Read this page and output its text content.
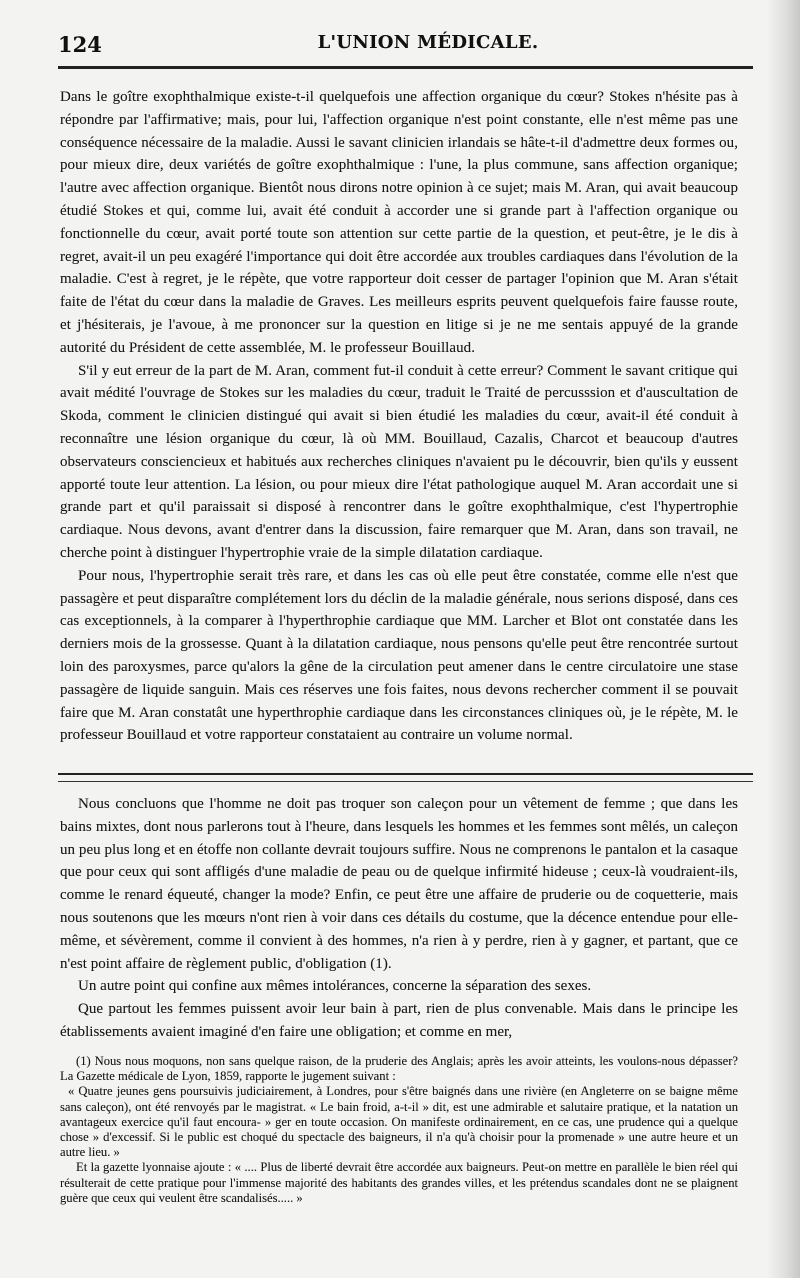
124	L'UNION MÉDICALE.

Dans le goître exophthalmique existe-t-il quelquefois une affection organique du cœur? Stokes n'hésite pas à répondre par l'affirmative; mais, pour lui, l'affection organique n'est point constante, elle n'est même pas une conséquence nécessaire de la maladie. Aussi le savant clinicien irlandais se hâte-t-il d'admettre deux formes ou, pour mieux dire, deux variétés de goître exophthalmique : l'une, la plus commune, sans affection organique; l'autre avec affection organique. Bientôt nous dirons notre opinion à ce sujet; mais M. Aran, qui avait beaucoup étudié Stokes et qui, comme lui, avait été conduit à accorder une si grande part à l'affection organique ou fonctionnelle du cœur, avait porté toute son attention sur cette partie de la question, et peut-être, je le dis à regret, avait-il un peu exagéré l'importance qui doit être accordée aux troubles cardiaques dans l'évolution de la maladie. C'est à regret, je le répète, que votre rapporteur doit cesser de partager l'opinion que M. Aran s'était faite de l'état du cœur dans la maladie de Graves. Les meilleurs esprits peuvent quelquefois faire fausse route, et j'hésiterais, je l'avoue, à me prononcer sur la question en litige si je ne me sentais appuyé de la grande autorité du Président de cette assemblée, M. le professeur Bouillaud.

S'il y eut erreur de la part de M. Aran, comment fut-il conduit à cette erreur? Comment le savant critique qui avait médité l'ouvrage de Stokes sur les maladies du cœur, traduit le Traité de percusssion et d'auscultation de Skoda, comment le clinicien distingué qui avait si bien étudié les maladies du cœur, avait-il été conduit à reconnaître une lésion organique du cœur, là où MM. Bouillaud, Cazalis, Charcot et beaucoup d'autres observateurs consciencieux et habitués aux recherches cliniques n'avaient pu le découvrir, bien qu'ils y eussent apporté toute leur attention. La lésion, ou pour mieux dire l'état pathologique auquel M. Aran accordait une si grande part et qu'il paraissait si disposé à rencontrer dans le goître exophthalmique, c'est l'hypertrophie cardiaque. Nous devons, avant d'entrer dans la discussion, faire remarquer que M. Aran, dans son travail, ne cherche point à distinguer l'hypertrophie vraie de la simple dilatation cardiaque.

Pour nous, l'hypertrophie serait très rare, et dans les cas où elle peut être constatée, comme elle n'est que passagère et peut disparaître complétement lors du déclin de la maladie générale, nous serions disposé, dans ces cas exceptionnels, à la comparer à l'hyperthrophie cardiaque que MM. Larcher et Blot ont constatée dans les derniers mois de la grossesse. Quant à la dilatation cardiaque, nous pensons qu'elle peut être rencontrée surtout loin des paroxysmes, parce qu'alors la gêne de la circulation peut amener dans le centre circulatoire une stase passagère de liquide sanguin. Mais ces réserves une fois faites, nous devons rechercher comment il se pouvait faire que M. Aran constatât une hyperthrophie cardiaque dans les circonstances cliniques où, je le répète, M. le professeur Bouillaud et votre rapporteur constataient au contraire un volume normal.

Nous concluons que l'homme ne doit pas troquer son caleçon pour un vêtement de femme ; que dans les bains mixtes, dont nous parlerons tout à l'heure, dans lesquels les hommes et les femmes sont mêlés, un caleçon un peu plus long et en étoffe non collante devrait toujours suffire. Nous ne comprenons le pantalon et la casaque que pour ceux qui sont affligés d'une maladie de peau ou de quelque infirmité hideuse ; ceux-là voudraient-ils, comme le renard équeuté, changer la mode? Enfin, ce peut être une affaire de pruderie ou de coquetterie, mais nous soutenons que les mœurs n'ont rien à voir dans ces détails du costume, que la décence entendue pour elle-même, et sévèrement, comme il convient à des hommes, n'a rien à y perdre, rien à y gagner, et partant, que ce n'est point affaire de règlement public, d'obligation (1).

Un autre point qui confine aux mêmes intolérances, concerne la séparation des sexes.

Que partout les femmes puissent avoir leur bain à part, rien de plus convenable. Mais dans le principe les établissements avaient imaginé d'en faire une obligation; et comme en mer,

(1) Nous nous moquons, non sans quelque raison, de la pruderie des Anglais; après les avoir atteints, les voulons-nous dépasser? La Gazette médicale de Lyon, 1859, rapporte le jugement suivant :

« Quatre jeunes gens poursuivis judiciairement, à Londres, pour s'être baignés dans une rivière (en Angleterre on se baigne même sans caleçon), ont été renvoyés par le magistrat. « Le bain froid, a-t-il » dit, est une admirable et salutaire pratique, et la natation un avantageux exercice qu'il faut encoura- » ger en toute occasion. On manifeste ordinairement, en ce cas, une prudence qui a quelque chose » d'excessif. Si le public est choqué du spectacle des baigneurs, il n'a qu'à choisir pour la promenade » une autre heure et un autre lieu. »

Et la gazette lyonnaise ajoute : « .... Plus de liberté devrait être accordée aux baigneurs. Peut-on mettre en parallèle le bien réel qui résulterait de cette pratique pour l'immense majorité des habitants des grandes villes, et les prétendus scandales dont ne se plaignent guère que ceux qui veulent être scandalisés..... »
